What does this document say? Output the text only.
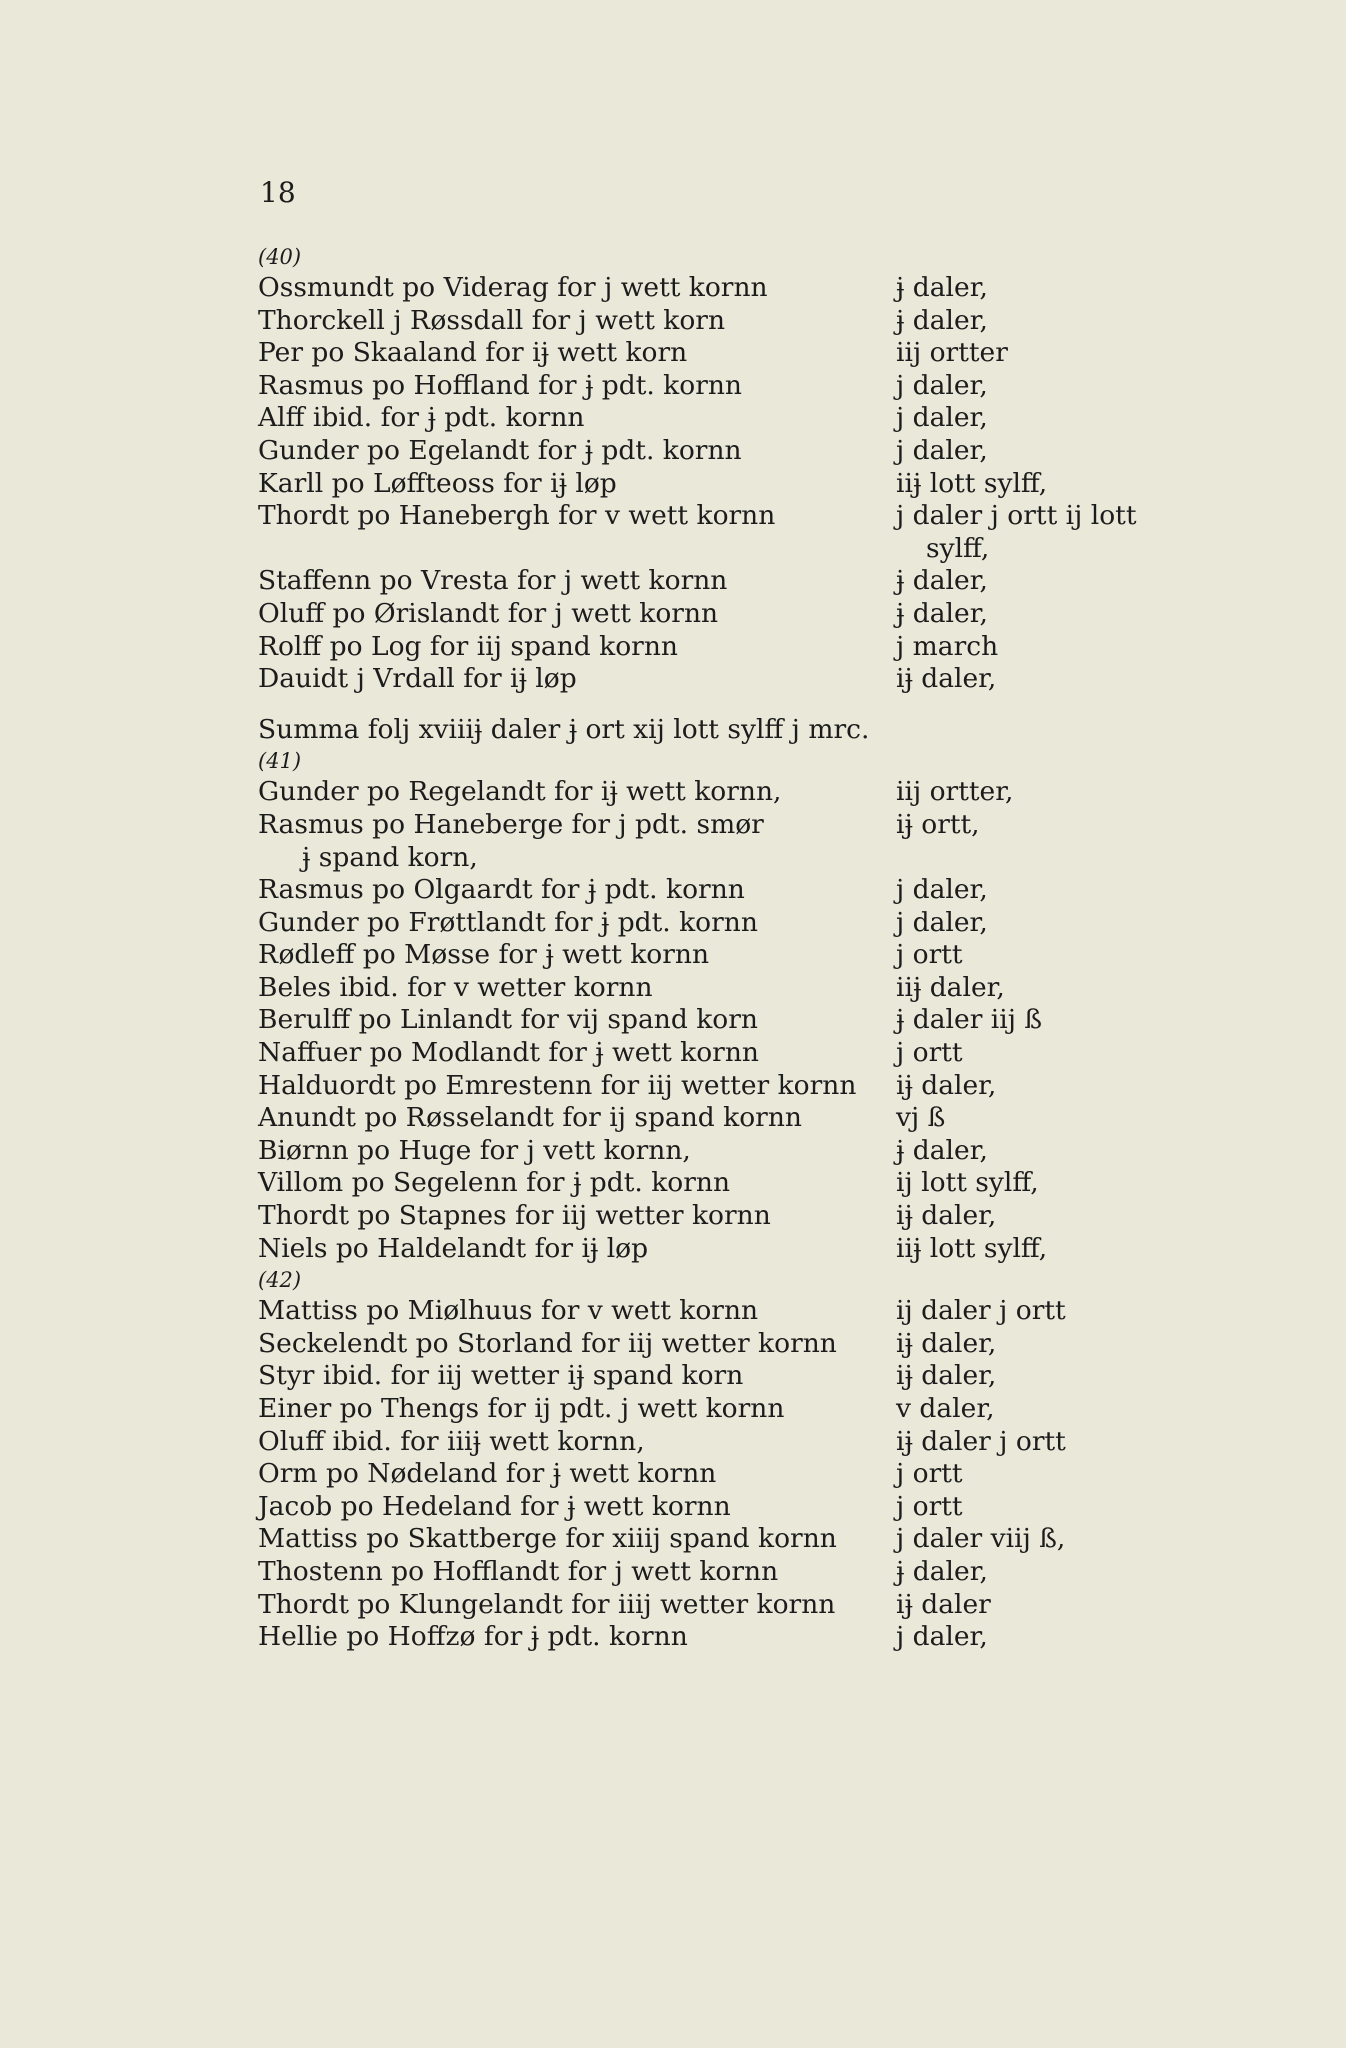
18
(40)
Ossmundt po Viderag for j wett kornn	ɉ daler,
Thorckell j Røssdall for j wett korn	ɉ daler,
Per po Skaaland for iɉ wett korn	iij ortter
Rasmus po Hoffland for ɉ pdt. kornn	j daler,
Alff ibid. for ɉ pdt. kornn	j daler,
Gunder po Egelandt for ɉ pdt. kornn	j daler,
Karll po Løffteoss for iɉ løp	iiɉ lott sylff,
Thordt po Hanebergh for v wett kornn	j daler j ortt ij lott
sylff,
Staffenn po Vresta for j wett kornn	ɉ daler,
Oluff po Ørislandt for j wett kornn	ɉ daler,
Rolff po Log for iij spand kornn	j march
Dauidt j Vrdall for iɉ løp	iɉ daler,
Summa folj xviiiɉ daler ɉ ort xij lott sylff j mrc.
(41)
Gunder po Regelandt for iɉ wett kornn,	iij ortter,
Rasmus po Haneberge for j pdt. smør	iɉ ortt,
ɉ spand korn,
Rasmus po Olgaardt for ɉ pdt. kornn	j daler,
Gunder po Frøttlandt for ɉ pdt. kornn	j daler,
Rødleff po Møsse for ɉ wett kornn	j ortt
Beles ibid. for v wetter kornn	iiɉ daler,
Berulff po Linlandt for vij spand korn	ɉ daler iij ß
Naffuer po Modlandt for ɉ wett kornn	j ortt
Halduordt po Emrestenn for iij wetter kornn	iɉ daler,
Anundt po Røsselandt for ij spand kornn	vj ß
Biørnn po Huge for j vett kornn,	ɉ daler,
Villom po Segelenn for ɉ pdt. kornn	ij lott sylff,
Thordt po Stapnes for iij wetter kornn	iɉ daler,
Niels po Haldelandt for iɉ løp	iiɉ lott sylff,
(42)
Mattiss po Miølhuus for v wett kornn	ij daler j ortt
Seckelendt po Storland for iij wetter kornn	iɉ daler,
Styr ibid. for iij wetter iɉ spand korn	iɉ daler,
Einer po Thengs for ij pdt. j wett kornn	v daler,
Oluff ibid. for iiiɉ wett kornn,	iɉ daler j ortt
Orm po Nødeland for ɉ wett kornn	j ortt
Jacob po Hedeland for ɉ wett kornn	j ortt
Mattiss po Skattberge for xiiij spand kornn	j daler viij ß,
Thostenn po Hofflandt for j wett kornn	ɉ daler,
Thordt po Klungelandt for iiij wetter kornn	iɉ daler
Hellie po Hoffzø for ɉ pdt. kornn	j daler,
